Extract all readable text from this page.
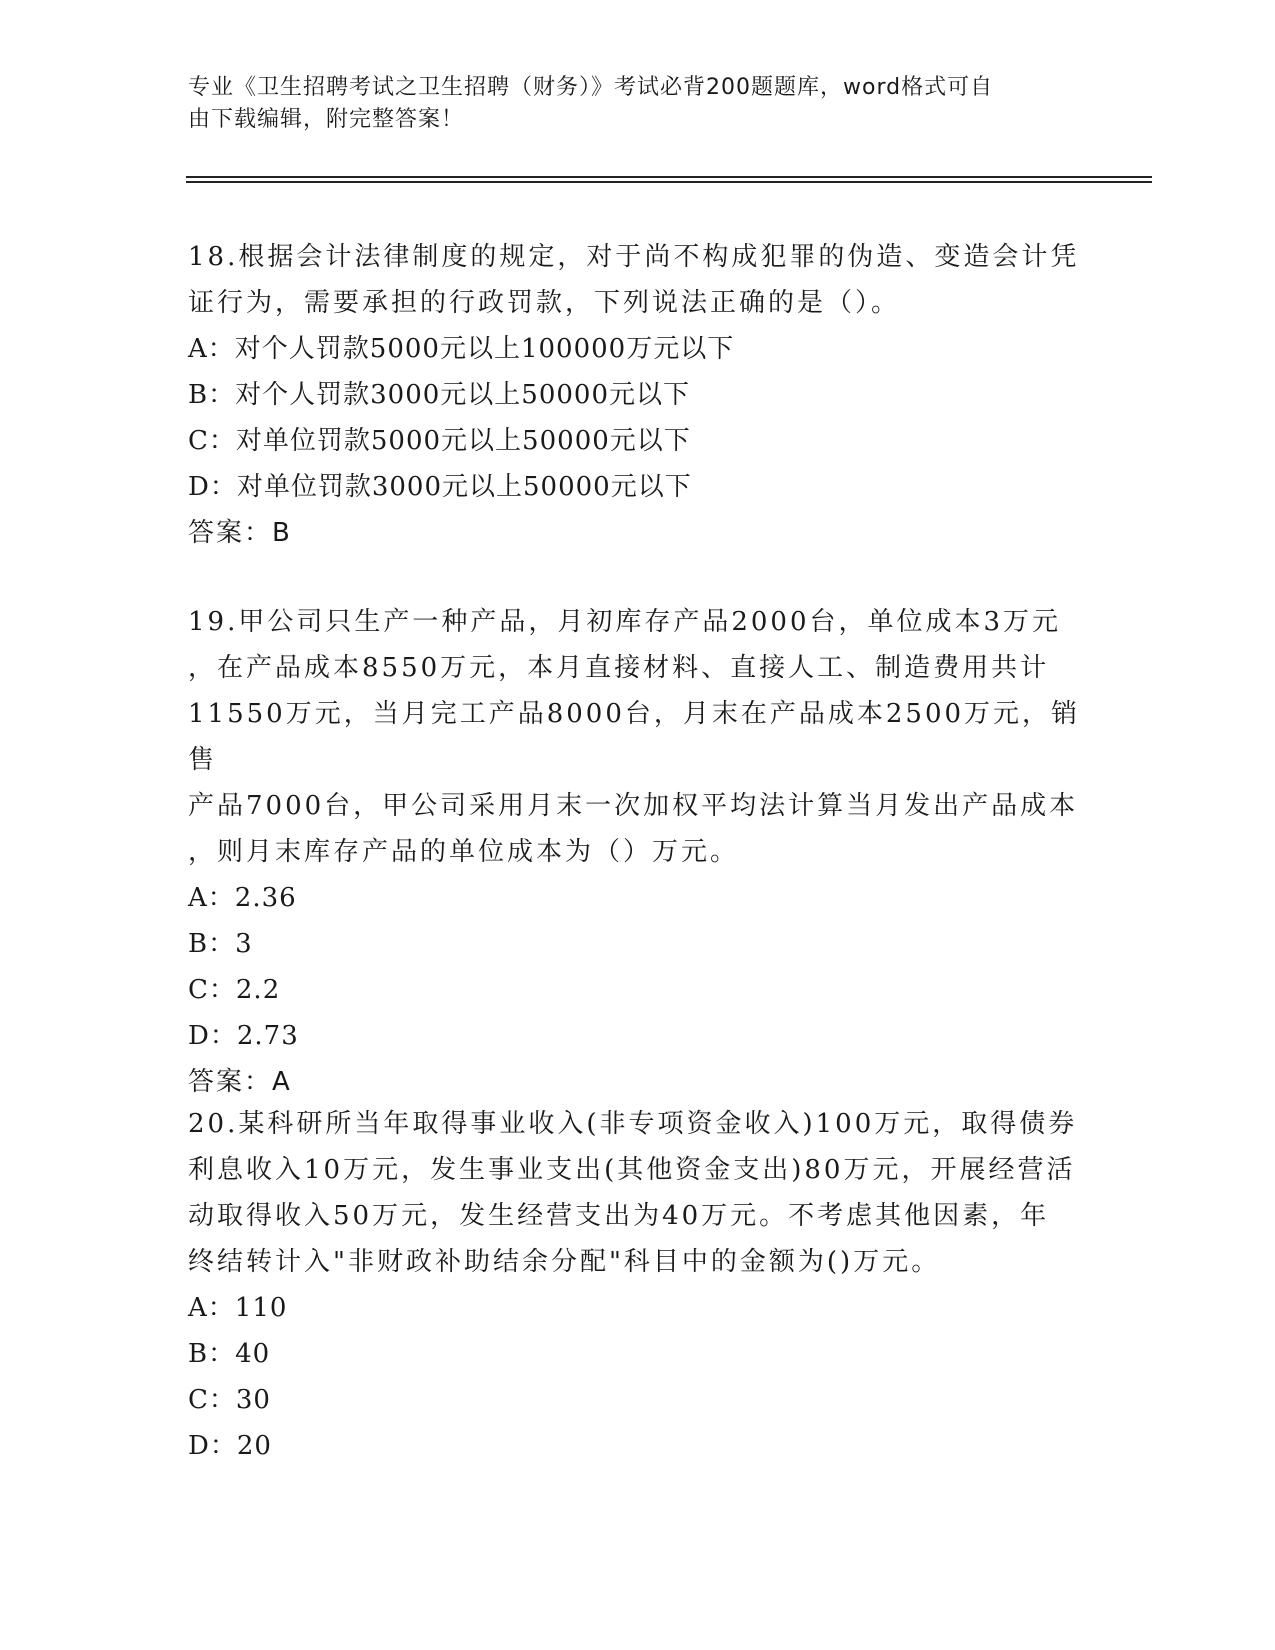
专业《卫生招聘考试之卫生招聘（财务）》考试必背200题题库，word格式可自
由下载编辑，附完整答案！

18.根据会计法律制度的规定，对于尚不构成犯罪的伪造、变造会计凭

证行为，需要承担的行政罚款，下列说法正确的是（）。

A：对个人罚款5000元以上100000万元以下

B：对个人罚款3000元以上50000元以下

C：对单位罚款5000元以上50000元以下

D：对单位罚款3000元以上50000元以下

答案：B

19.甲公司只生产一种产品，月初库存产品2000台，单位成本3万元

，在产品成本8550万元，本月直接材料、直接人工、制造费用共计

11550万元，当月完工产品8000台，月末在产品成本2500万元，销售

产品7000台，甲公司采用月末一次加权平均法计算当月发出产品成本

，则月末库存产品的单位成本为（）万元。

A：2.36

B：3

C：2.2

D：2.73

答案：A

20.某科研所当年取得事业收入(非专项资金收入)100万元，取得债券

利息收入10万元，发生事业支出(其他资金支出)80万元，开展经营活

动取得收入50万元，发生经营支出为40万元。不考虑其他因素，年

终结转计入"非财政补助结余分配"科目中的金额为()万元。

A：110

B：40

C：30

D：20
